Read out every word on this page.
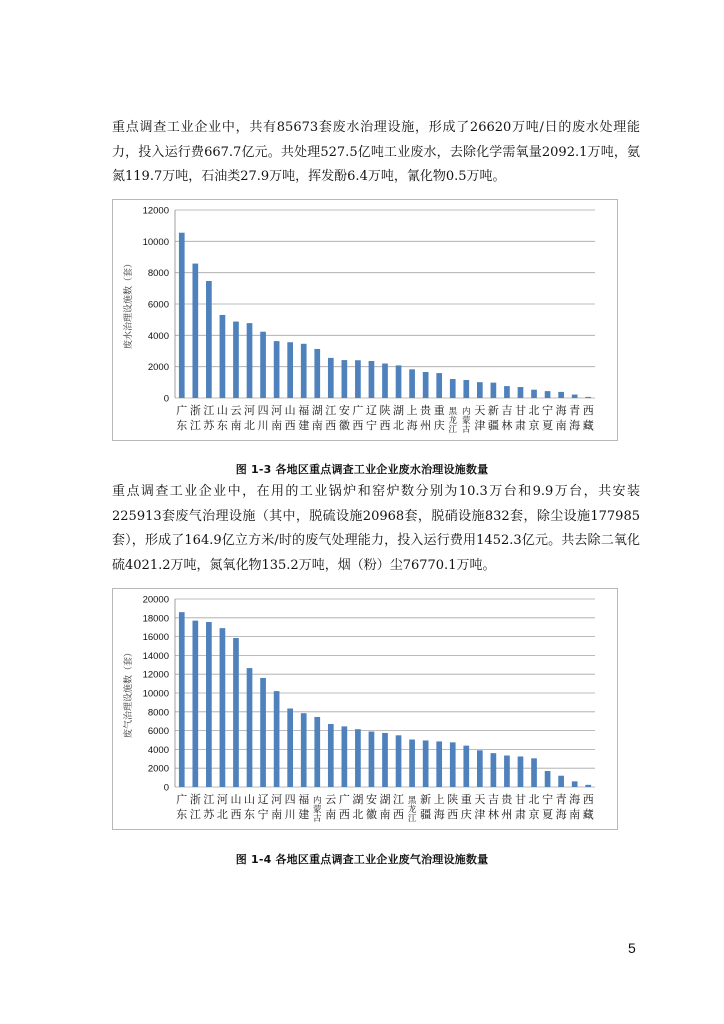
重点调查工业企业中，共有85673套废水治理设施，形成了26620万吨/日的废水处理能力，投入运行费667.7亿元。共处理527.5亿吨工业废水，去除化学需氧量2092.1万吨，氨氮119.7万吨，石油类27.9万吨，挥发酚6.4万吨，氰化物0.5万吨。

0
2000
4000
6000
8000
10000
12000
废水治理设施数（套）
广东
浙江
江苏
山东
云南
河北
四川
河南
山西
福建
湖南
江西
安徽
广西
辽宁
陕西
湖北
上海
贵州
重庆
黑龙江
内蒙古
天津
新疆
吉林
甘肃
北京
宁夏
海南
青海
西藏
图 1-3 各地区重点调查工业企业废水治理设施数量

重点调查工业企业中，在用的工业锅炉和窑炉数分别为10.3万台和9.9万台，共安装225913套废气治理设施（其中，脱硫设施20968套，脱硝设施832套，除尘设施177985套），形成了164.9亿立方米/时的废气处理能力，投入运行费用1452.3亿元。共去除二氧化硫4021.2万吨，氮氧化物135.2万吨，烟（粉）尘76770.1万吨。

0
2000
4000
6000
8000
10000
12000
14000
16000
18000
20000
废气治理设施数（套）
广东
浙江
江苏
河北
山西
山东
辽宁
河南
四川
福建
内蒙古
云南
广西
湖北
安徽
湖南
江西
黑龙江
新疆
上海
陕西
重庆
天津
吉林
贵州
甘肃
北京
宁夏
青海
海南
西藏
图 1-4 各地区重点调查工业企业废气治理设施数量
5
